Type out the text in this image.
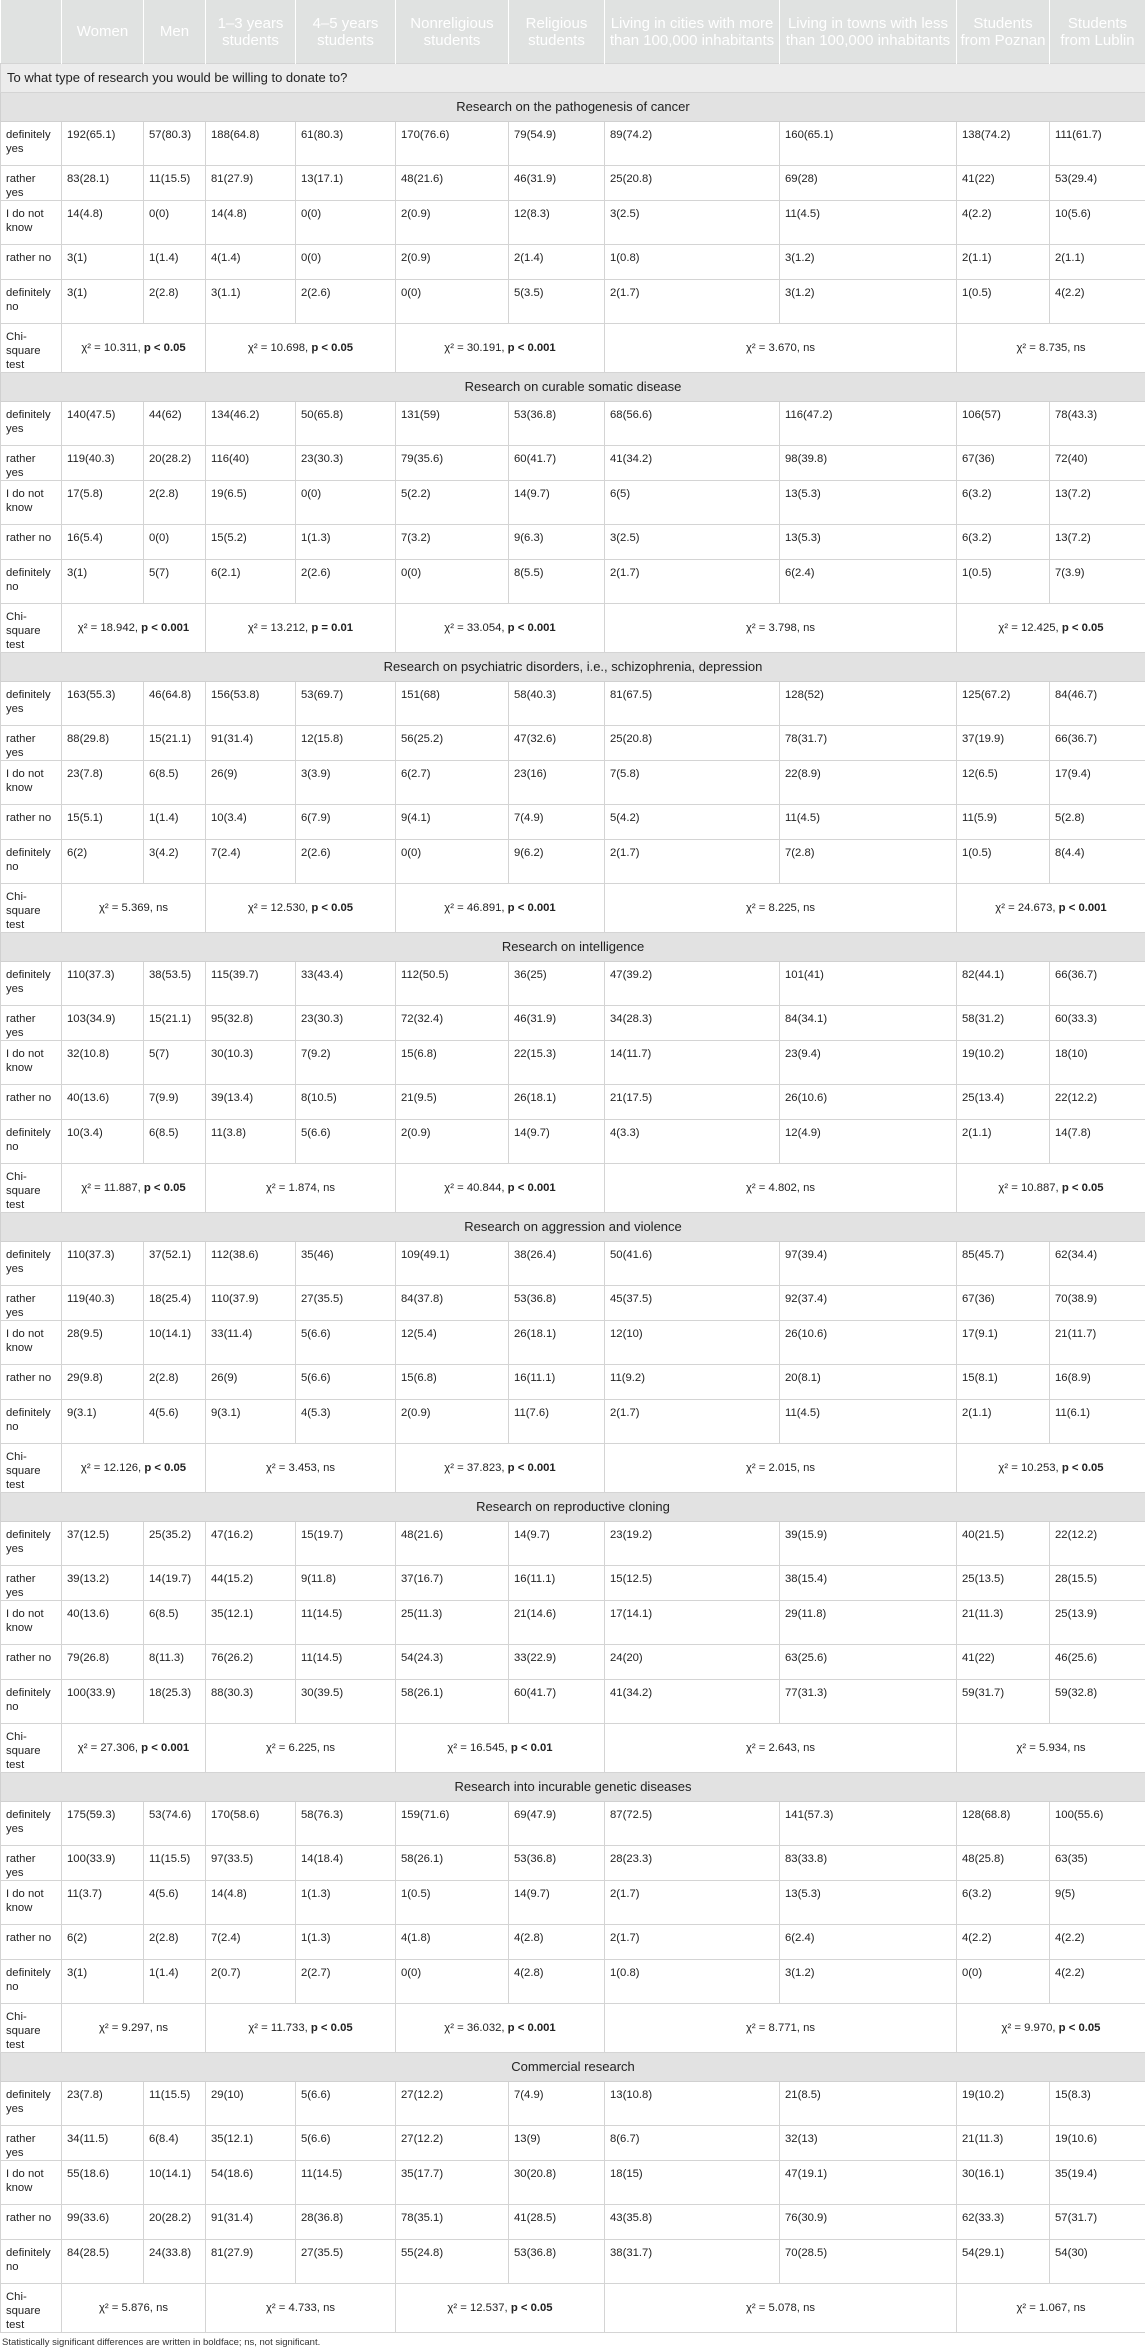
	Women	Men	1–3 years students	4–5 years students	Nonreligious students	Religious students	Living in cities with more than 100,000 inhabitants	Living in towns with less than 100,000 inhabitants	Students from Poznan	Students from Lublin
To what type of research you would be willing to donate to?										
Research on the pathogenesis of cancer										
definitely yes	192(65.1)	57(80.3)	188(64.8)	61(80.3)	170(76.6)	79(54.9)	89(74.2)	160(65.1)	138(74.2)	111(61.7)
rather yes	83(28.1)	11(15.5)	81(27.9)	13(17.1)	48(21.6)	46(31.9)	25(20.8)	69(28)	41(22)	53(29.4)
I do not know	14(4.8)	0(0)	14(4.8)	0(0)	2(0.9)	12(8.3)	3(2.5)	11(4.5)	4(2.2)	10(5.6)
rather no	3(1)	1(1.4)	4(1.4)	0(0)	2(0.9)	2(1.4)	1(0.8)	3(1.2)	2(1.1)	2(1.1)
definitely no	3(1)	2(2.8)	3(1.1)	2(2.6)	0(0)	5(3.5)	2(1.7)	3(1.2)	1(0.5)	4(2.2)
Chi-square test	χ² = 10.311, p < 0.05		χ² = 10.698, p < 0.05		χ² = 30.191, p < 0.001		χ² = 3.670, ns		χ² = 8.735, ns	
Research on curable somatic disease										
definitely yes	140(47.5)	44(62)	134(46.2)	50(65.8)	131(59)	53(36.8)	68(56.6)	116(47.2)	106(57)	78(43.3)
rather yes	119(40.3)	20(28.2)	116(40)	23(30.3)	79(35.6)	60(41.7)	41(34.2)	98(39.8)	67(36)	72(40)
I do not know	17(5.8)	2(2.8)	19(6.5)	0(0)	5(2.2)	14(9.7)	6(5)	13(5.3)	6(3.2)	13(7.2)
rather no	16(5.4)	0(0)	15(5.2)	1(1.3)	7(3.2)	9(6.3)	3(2.5)	13(5.3)	6(3.2)	13(7.2)
definitely no	3(1)	5(7)	6(2.1)	2(2.6)	0(0)	8(5.5)	2(1.7)	6(2.4)	1(0.5)	7(3.9)
Chi-square test	χ² = 18.942, p < 0.001		χ² = 13.212, p = 0.01		χ² = 33.054, p < 0.001		χ² = 3.798, ns		χ² = 12.425, p < 0.05	
Research on psychiatric disorders, i.e., schizophrenia, depression										
definitely yes	163(55.3)	46(64.8)	156(53.8)	53(69.7)	151(68)	58(40.3)	81(67.5)	128(52)	125(67.2)	84(46.7)
rather yes	88(29.8)	15(21.1)	91(31.4)	12(15.8)	56(25.2)	47(32.6)	25(20.8)	78(31.7)	37(19.9)	66(36.7)
I do not know	23(7.8)	6(8.5)	26(9)	3(3.9)	6(2.7)	23(16)	7(5.8)	22(8.9)	12(6.5)	17(9.4)
rather no	15(5.1)	1(1.4)	10(3.4)	6(7.9)	9(4.1)	7(4.9)	5(4.2)	11(4.5)	11(5.9)	5(2.8)
definitely no	6(2)	3(4.2)	7(2.4)	2(2.6)	0(0)	9(6.2)	2(1.7)	7(2.8)	1(0.5)	8(4.4)
Chi-square test	χ² = 5.369, ns		χ² = 12.530, p < 0.05		χ² = 46.891, p < 0.001		χ² = 8.225, ns		χ² = 24.673, p < 0.001	
Research on intelligence										
definitely yes	110(37.3)	38(53.5)	115(39.7)	33(43.4)	112(50.5)	36(25)	47(39.2)	101(41)	82(44.1)	66(36.7)
rather yes	103(34.9)	15(21.1)	95(32.8)	23(30.3)	72(32.4)	46(31.9)	34(28.3)	84(34.1)	58(31.2)	60(33.3)
I do not know	32(10.8)	5(7)	30(10.3)	7(9.2)	15(6.8)	22(15.3)	14(11.7)	23(9.4)	19(10.2)	18(10)
rather no	40(13.6)	7(9.9)	39(13.4)	8(10.5)	21(9.5)	26(18.1)	21(17.5)	26(10.6)	25(13.4)	22(12.2)
definitely no	10(3.4)	6(8.5)	11(3.8)	5(6.6)	2(0.9)	14(9.7)	4(3.3)	12(4.9)	2(1.1)	14(7.8)
Chi-square test	χ² = 11.887, p < 0.05		χ² = 1.874, ns		χ² = 40.844, p < 0.001		χ² = 4.802, ns		χ² = 10.887, p < 0.05	
Research on aggression and violence										
definitely yes	110(37.3)	37(52.1)	112(38.6)	35(46)	109(49.1)	38(26.4)	50(41.6)	97(39.4)	85(45.7)	62(34.4)
rather yes	119(40.3)	18(25.4)	110(37.9)	27(35.5)	84(37.8)	53(36.8)	45(37.5)	92(37.4)	67(36)	70(38.9)
I do not know	28(9.5)	10(14.1)	33(11.4)	5(6.6)	12(5.4)	26(18.1)	12(10)	26(10.6)	17(9.1)	21(11.7)
rather no	29(9.8)	2(2.8)	26(9)	5(6.6)	15(6.8)	16(11.1)	11(9.2)	20(8.1)	15(8.1)	16(8.9)
definitely no	9(3.1)	4(5.6)	9(3.1)	4(5.3)	2(0.9)	11(7.6)	2(1.7)	11(4.5)	2(1.1)	11(6.1)
Chi-square test	χ² = 12.126, p < 0.05		χ² = 3.453, ns		χ² = 37.823, p < 0.001		χ² = 2.015, ns		χ² = 10.253, p < 0.05	
Research on reproductive cloning										
definitely yes	37(12.5)	25(35.2)	47(16.2)	15(19.7)	48(21.6)	14(9.7)	23(19.2)	39(15.9)	40(21.5)	22(12.2)
rather yes	39(13.2)	14(19.7)	44(15.2)	9(11.8)	37(16.7)	16(11.1)	15(12.5)	38(15.4)	25(13.5)	28(15.5)
I do not know	40(13.6)	6(8.5)	35(12.1)	11(14.5)	25(11.3)	21(14.6)	17(14.1)	29(11.8)	21(11.3)	25(13.9)
rather no	79(26.8)	8(11.3)	76(26.2)	11(14.5)	54(24.3)	33(22.9)	24(20)	63(25.6)	41(22)	46(25.6)
definitely no	100(33.9)	18(25.3)	88(30.3)	30(39.5)	58(26.1)	60(41.7)	41(34.2)	77(31.3)	59(31.7)	59(32.8)
Chi-square test	χ² = 27.306, p < 0.001		χ² = 6.225, ns		χ² = 16.545, p < 0.01		χ² = 2.643, ns		χ² = 5.934, ns	
Research into incurable genetic diseases										
definitely yes	175(59.3)	53(74.6)	170(58.6)	58(76.3)	159(71.6)	69(47.9)	87(72.5)	141(57.3)	128(68.8)	100(55.6)
rather yes	100(33.9)	11(15.5)	97(33.5)	14(18.4)	58(26.1)	53(36.8)	28(23.3)	83(33.8)	48(25.8)	63(35)
I do not know	11(3.7)	4(5.6)	14(4.8)	1(1.3)	1(0.5)	14(9.7)	2(1.7)	13(5.3)	6(3.2)	9(5)
rather no	6(2)	2(2.8)	7(2.4)	1(1.3)	4(1.8)	4(2.8)	2(1.7)	6(2.4)	4(2.2)	4(2.2)
definitely no	3(1)	1(1.4)	2(0.7)	2(2.7)	0(0)	4(2.8)	1(0.8)	3(1.2)	0(0)	4(2.2)
Chi-square test	χ² = 9.297, ns		χ² = 11.733, p < 0.05		χ² = 36.032, p < 0.001		χ² = 8.771, ns		χ² = 9.970, p < 0.05	
Commercial research										
definitely yes	23(7.8)	11(15.5)	29(10)	5(6.6)	27(12.2)	7(4.9)	13(10.8)	21(8.5)	19(10.2)	15(8.3)
rather yes	34(11.5)	6(8.4)	35(12.1)	5(6.6)	27(12.2)	13(9)	8(6.7)	32(13)	21(11.3)	19(10.6)
I do not know	55(18.6)	10(14.1)	54(18.6)	11(14.5)	35(17.7)	30(20.8)	18(15)	47(19.1)	30(16.1)	35(19.4)
rather no	99(33.6)	20(28.2)	91(31.4)	28(36.8)	78(35.1)	41(28.5)	43(35.8)	76(30.9)	62(33.3)	57(31.7)
definitely no	84(28.5)	24(33.8)	81(27.9)	27(35.5)	55(24.8)	53(36.8)	38(31.7)	70(28.5)	54(29.1)	54(30)
Chi-square test	χ² = 5.876, ns		χ² = 4.733, ns		χ² = 12.537, p < 0.05		χ² = 5.078, ns		χ² = 1.067, ns	
Statistically significant differences are written in boldface; ns, not significant.
